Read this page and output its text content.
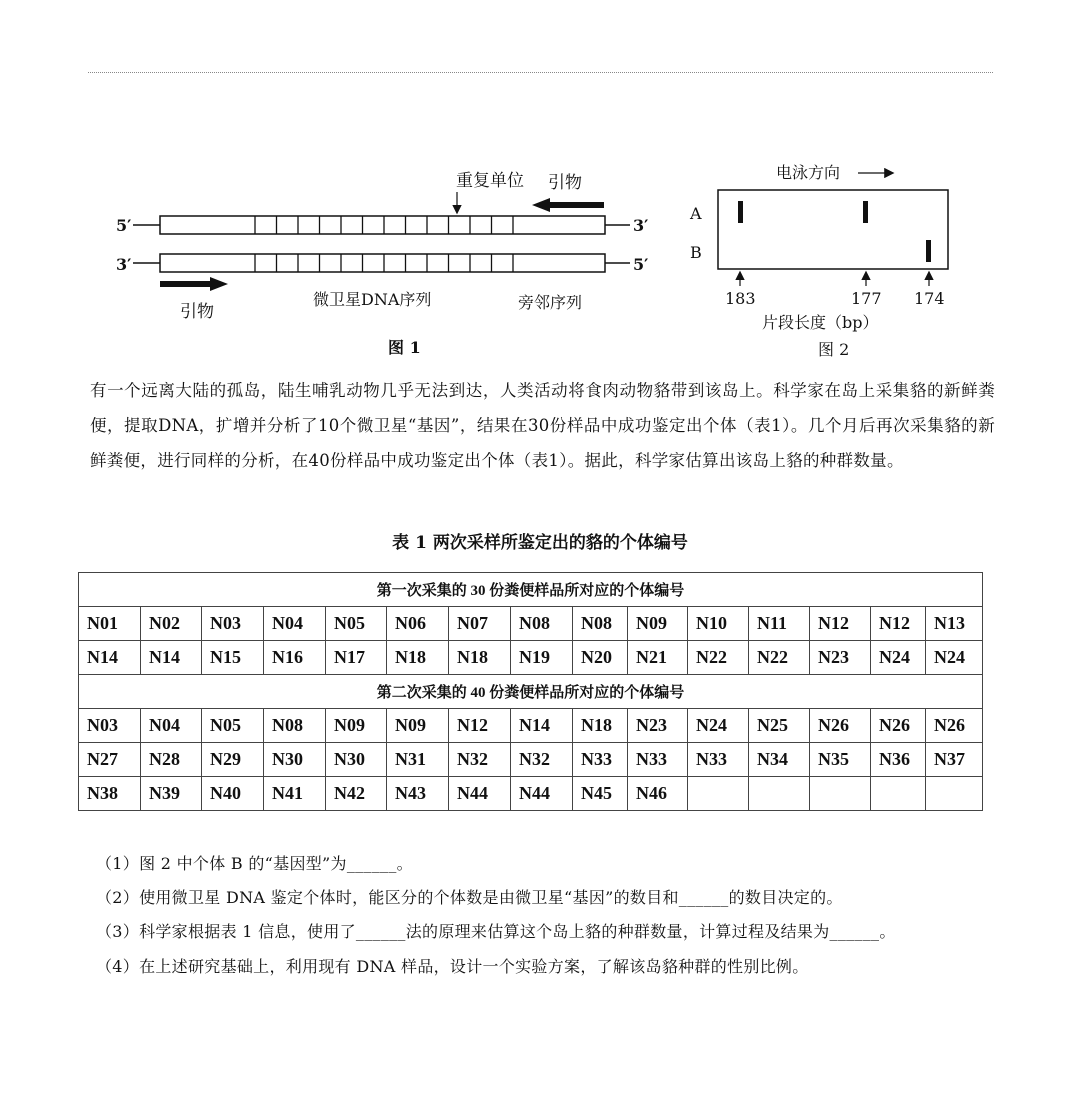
重复单位 引物
5′	3′
3′	5′
引物
微卫星DNA序列	旁邻序列
图 1
电泳方向
A
B
183	177 174
片段长度（bp）
图 2
有一个远离大陆的孤岛，陆生哺乳动物几乎无法到达，人类活动将食肉动物貉带到该岛上。科学家在岛上采集貉的新鲜粪便，提取DNA，扩增并分析了10个微卫星“基因”，结果在30份样品中成功鉴定出个体（表1）。几个月后再次采集貉的新鲜粪便，进行同样的分析，在40份样品中成功鉴定出个体（表1）。据此，科学家估算出该岛上貉的种群数量。
表 1 两次采样所鉴定出的貉的个体编号
第一次采集的 30 份粪便样品所对应的个体编号														
N01	N02	N03	N04	N05	N06	N07	N08	N08	N09	N10	N11	N12	N12	N13
N14	N14	N15	N16	N17	N18	N18	N19	N20	N21	N22	N22	N23	N24	N24
第二次采集的 40 份粪便样品所对应的个体编号														
N03	N04	N05	N08	N09	N09	N12	N14	N18	N23	N24	N25	N26	N26	N26
N27	N28	N29	N30	N30	N31	N32	N32	N33	N33	N33	N34	N35	N36	N37
N38	N39	N40	N41	N42	N43	N44	N44	N45	N46					
（1）图 2 中个体 B 的“基因型”为______。
（2）使用微卫星 DNA 鉴定个体时，能区分的个体数是由微卫星“基因”的数目和______的数目决定的。
（3）科学家根据表 1 信息，使用了______法的原理来估算这个岛上貉的种群数量，计算过程及结果为______。
（4）在上述研究基础上，利用现有 DNA 样品，设计一个实验方案，了解该岛貉种群的性别比例。
